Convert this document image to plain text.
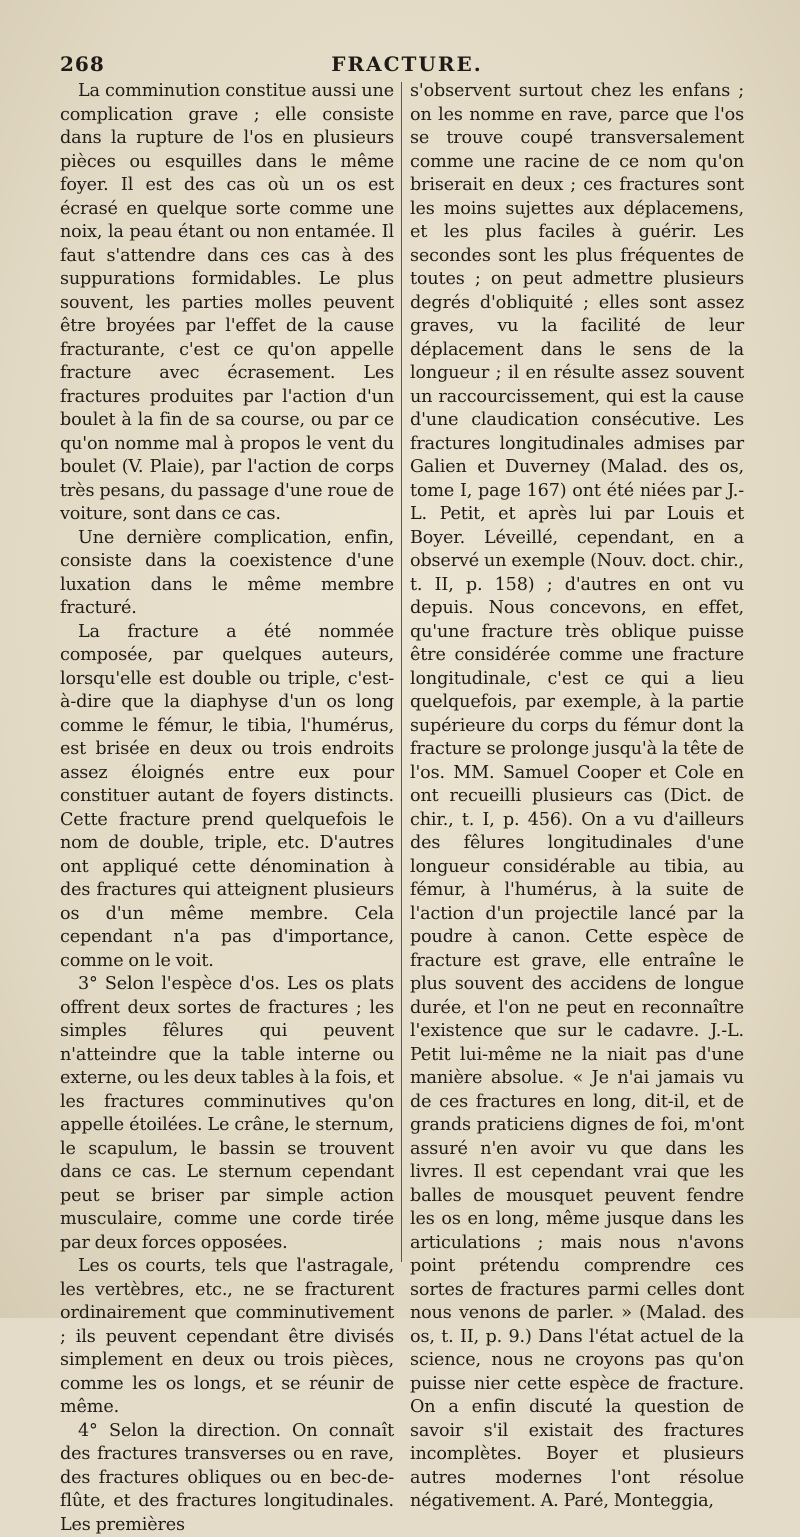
268	FRACTURE.

La comminution constitue aussi une complication grave ; elle consiste dans la rupture de l'os en plusieurs pièces ou esquilles dans le même foyer. Il est des cas où un os est écrasé en quelque sorte comme une noix, la peau étant ou non entamée. Il faut s'attendre dans ces cas à des suppurations formidables. Le plus souvent, les parties molles peuvent être broyées par l'effet de la cause fracturante, c'est ce qu'on appelle fracture avec écrasement. Les fractures produites par l'action d'un boulet à la fin de sa course, ou par ce qu'on nomme mal à propos le vent du boulet (V. Plaie), par l'action de corps très pesans, du passage d'une roue de voiture, sont dans ce cas.

Une dernière complication, enfin, consiste dans la coexistence d'une luxation dans le même membre fracturé.

La fracture a été nommée composée, par quelques auteurs, lorsqu'elle est double ou triple, c'est-à-dire que la diaphyse d'un os long comme le fémur, le tibia, l'humérus, est brisée en deux ou trois endroits assez éloignés entre eux pour constituer autant de foyers distincts. Cette fracture prend quelquefois le nom de double, triple, etc. D'autres ont appliqué cette dénomination à des fractures qui atteignent plusieurs os d'un même membre. Cela cependant n'a pas d'importance, comme on le voit.

3° Selon l'espèce d'os. Les os plats offrent deux sortes de fractures ; les simples fêlures qui peuvent n'atteindre que la table interne ou externe, ou les deux tables à la fois, et les fractures comminutives qu'on appelle étoilées. Le crâne, le sternum, le scapulum, le bassin se trouvent dans ce cas. Le sternum cependant peut se briser par simple action musculaire, comme une corde tirée par deux forces opposées.

Les os courts, tels que l'astragale, les vertèbres, etc., ne se fracturent ordinairement que comminutivement ; ils peuvent cependant être divisés simplement en deux ou trois pièces, comme les os longs, et se réunir de même.

4° Selon la direction. On connaît des fractures transverses ou en rave, des fractures obliques ou en bec-de-flûte, et des fractures longitudinales. Les premières

s'observent surtout chez les enfans ; on les nomme en rave, parce que l'os se trouve coupé transversalement comme une racine de ce nom qu'on briserait en deux ; ces fractures sont les moins sujettes aux déplacemens, et les plus faciles à guérir. Les secondes sont les plus fréquentes de toutes ; on peut admettre plusieurs degrés d'obliquité ; elles sont assez graves, vu la facilité de leur déplacement dans le sens de la longueur ; il en résulte assez souvent un raccourcissement, qui est la cause d'une claudication consécutive. Les fractures longitudinales admises par Galien et Duverney (Malad. des os, tome I, page 167) ont été niées par J.-L. Petit, et après lui par Louis et Boyer. Léveillé, cependant, en a observé un exemple (Nouv. doct. chir., t. II, p. 158) ; d'autres en ont vu depuis. Nous concevons, en effet, qu'une fracture très oblique puisse être considérée comme une fracture longitudinale, c'est ce qui a lieu quelquefois, par exemple, à la partie supérieure du corps du fémur dont la fracture se prolonge jusqu'à la tête de l'os. MM. Samuel Cooper et Cole en ont recueilli plusieurs cas (Dict. de chir., t. I, p. 456). On a vu d'ailleurs des fêlures longitudinales d'une longueur considérable au tibia, au fémur, à l'humérus, à la suite de l'action d'un projectile lancé par la poudre à canon. Cette espèce de fracture est grave, elle entraîne le plus souvent des accidens de longue durée, et l'on ne peut en reconnaître l'existence que sur le cadavre. J.-L. Petit lui-même ne la niait pas d'une manière absolue. « Je n'ai jamais vu de ces fractures en long, dit-il, et de grands praticiens dignes de foi, m'ont assuré n'en avoir vu que dans les livres. Il est cependant vrai que les balles de mousquet peuvent fendre les os en long, même jusque dans les articulations ; mais nous n'avons point prétendu comprendre ces sortes de fractures parmi celles dont nous venons de parler. » (Malad. des os, t. II, p. 9.) Dans l'état actuel de la science, nous ne croyons pas qu'on puisse nier cette espèce de fracture. On a enfin discuté la question de savoir s'il existait des fractures incomplètes. Boyer et plusieurs autres modernes l'ont résolue négativement. A. Paré, Monteggia,
